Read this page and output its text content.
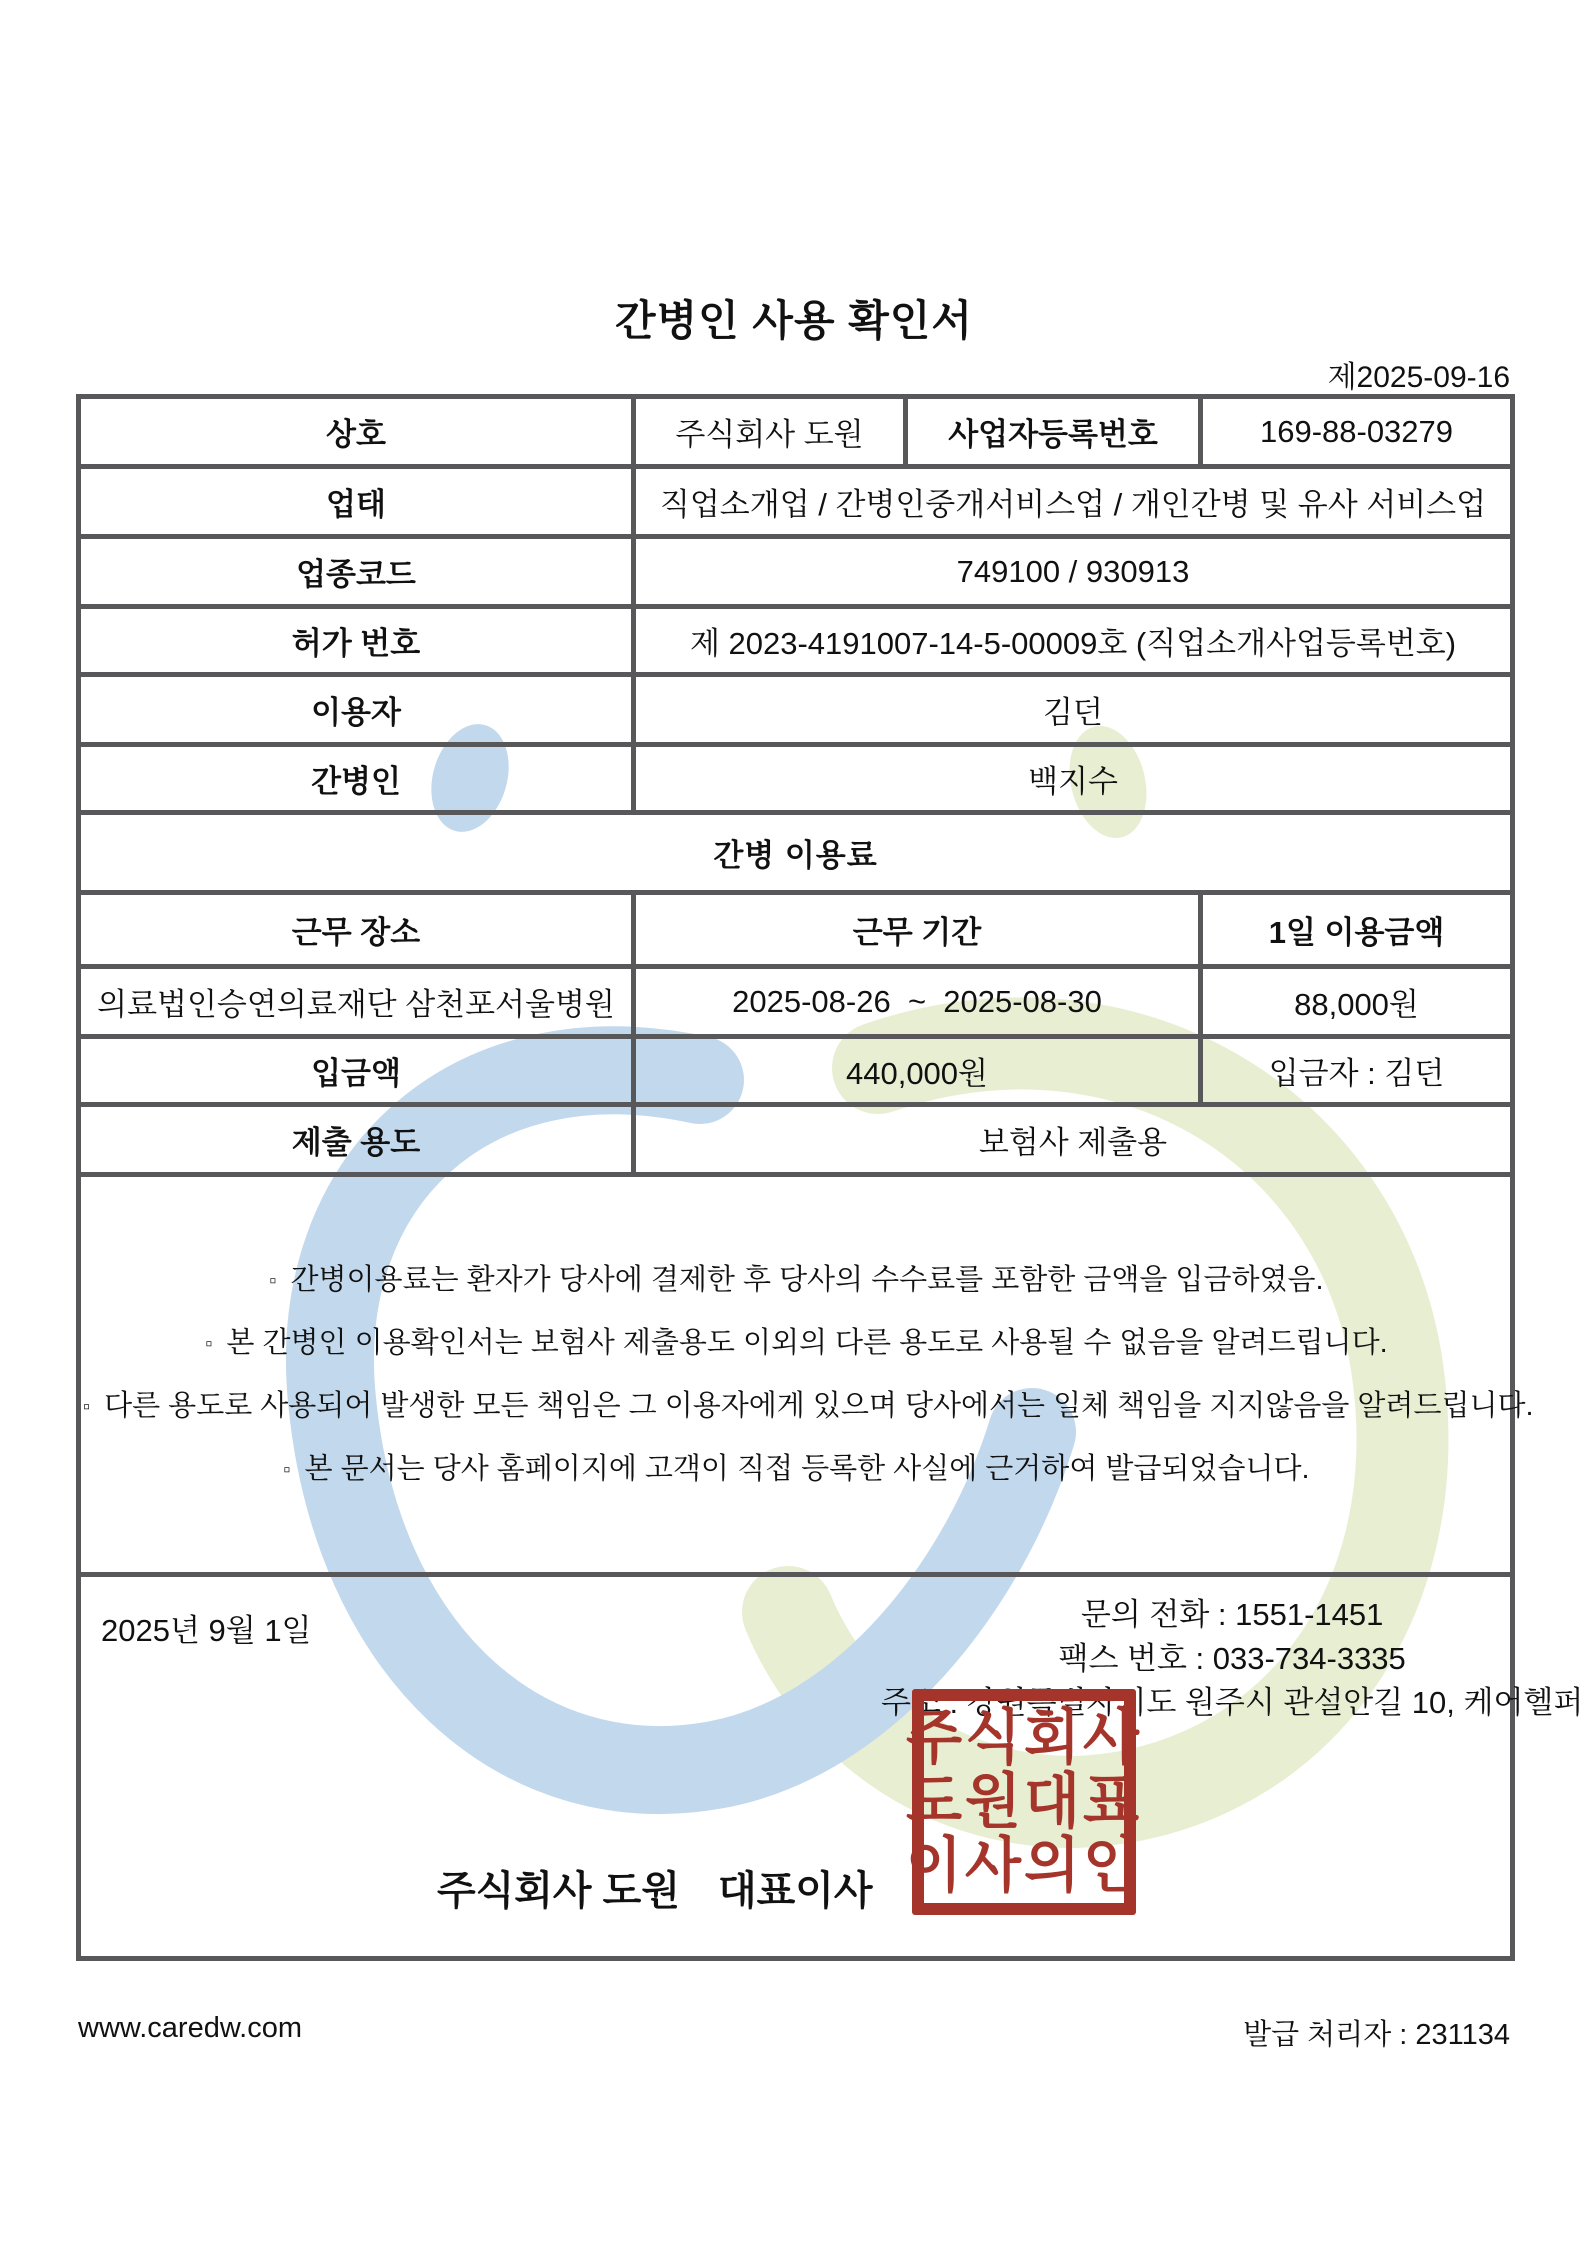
간병인 사용 확인서
제2025-09-16
상호	주식회사 도원	사업자등록번호	169-88-03279
업태	직업소개업 / 간병인중개서비스업 / 개인간병 및 유사 서비스업		
업종코드	749100 / 930913		
허가 번호	제 2023-4191007-14-5-00009호 (직업소개사업등록번호)		
이용자	김던		
간병인	백지수		
간병 이용료			
근무 장소	근무 기간		1일 이용금액
의료법인승연의료재단 삼천포서울병원	2025-08-26  ~  2025-08-30		88,000원
입금액	440,000원		입금자 : 김던
제출 용도	보험사 제출용		

▫ 간병이용료는 환자가 당사에 결제한 후 당사의 수수료를 포함한 금액을 입금하였음.
▫ 본 간병인 이용확인서는 보험사 제출용도 이외의 다른 용도로 사용될 수 없음을 알려드립니다.
▫ 다른 용도로 사용되어 발생한 모든 책임은 그 이용자에게 있으며 당사에서는 일체 책임을 지지않음을 알려드립니다.
▫ 본 문서는 당사 홈페이지에 고객이 직접 등록한 사실에 근거하여 발급되었습니다.			

2025년 9월 1일	문의 전화 : 1551-1451
팩스 번호 : 033-734-3335
주소 : 강원특별자치도 원주시 관설안길 10, 케어헬퍼
주식회사 도원 대표이사
주식회사
도원대표
이사의인
www.caredw.com	발급 처리자 : 231134
